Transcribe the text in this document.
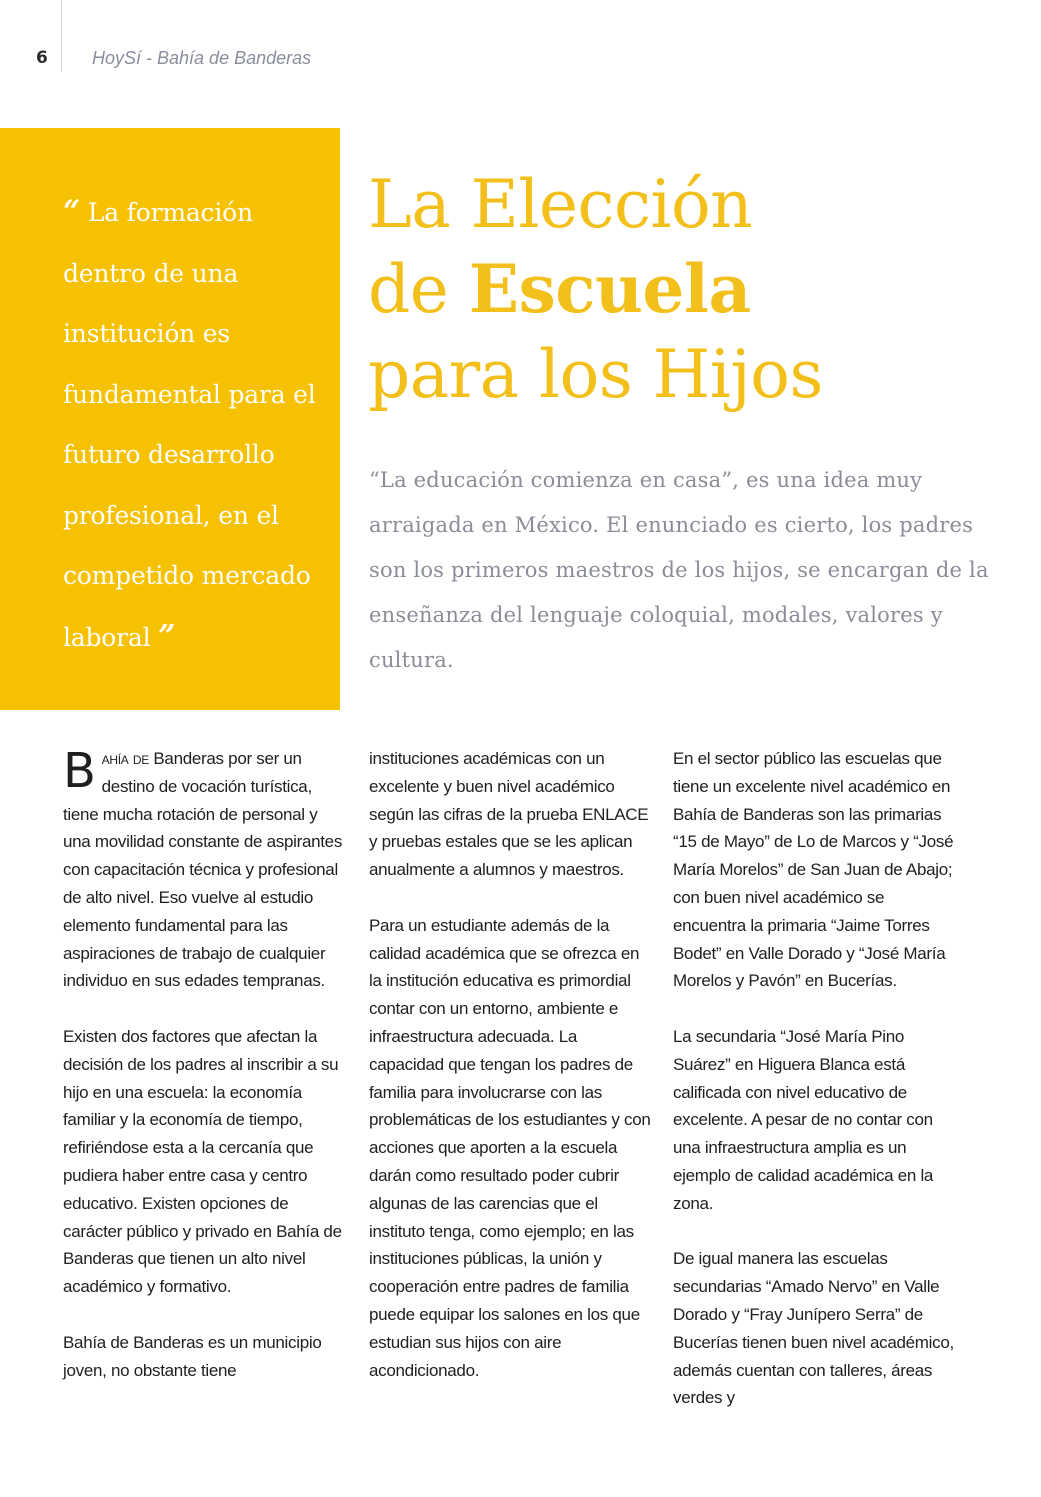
6 HoySí - Bahía de Banderas
“ La formación dentro de una institución es fundamental para el futuro desarrollo profesional, en el competido mercado laboral ”
La Elección
de Escuela
para los Hijos
“La educación comienza en casa”, es una idea muy arraigada en México. El enunciado es cierto, los padres son los primeros maestros de los hijos, se encargan de la enseñanza del lenguaje coloquial, modales, valores y cultura.

Bahía de Banderas por ser un destino de vocación turística, tiene mucha rotación de personal y una movilidad constante de aspirantes con capacitación técnica y profesional de alto nivel. Eso vuelve al estudio elemento fundamental para las aspiraciones de trabajo de cualquier individuo en sus edades tempranas.

Existen dos factores que afectan la decisión de los padres al inscribir a su hijo en una escuela: la economía familiar y la economía de tiempo, refiriéndose esta a la cercanía que pudiera haber entre casa y centro educativo. Existen opciones de carácter público y privado en Bahía de Banderas que tienen un alto nivel académico y formativo.

Bahía de Banderas es un municipio joven, no obstante tiene

instituciones académicas con un excelente y buen nivel académico según las cifras de la prueba ENLACE y pruebas estales que se les aplican anualmente a alumnos y maestros.

Para un estudiante además de la calidad académica que se ofrezca en la institución educativa es primordial contar con un entorno, ambiente e infraestructura adecuada. La capacidad que tengan los padres de familia para involucrarse con las problemáticas de los estudiantes y con acciones que aporten a la escuela darán como resultado poder cubrir algunas de las carencias que el instituto tenga, como ejemplo; en las instituciones públicas, la unión y cooperación entre padres de familia puede equipar los salones en los que estudian sus hijos con aire acondicionado.

En el sector público las escuelas que tiene un excelente nivel académico en Bahía de Banderas son las primarias “15 de Mayo” de Lo de Marcos y “José María Morelos” de San Juan de Abajo; con buen nivel académico se encuentra la primaria “Jaime Torres Bodet” en Valle Dorado y “José María Morelos y Pavón” en Bucerías.

La secundaria “José María Pino Suárez” en Higuera Blanca está calificada con nivel educativo de excelente. A pesar de no contar con una infraestructura amplia es un ejemplo de calidad académica en la zona.

De igual manera las escuelas secundarias “Amado Nervo” en Valle Dorado y “Fray Junípero Serra” de Bucerías tienen buen nivel académico, además cuentan con talleres, áreas verdes y
